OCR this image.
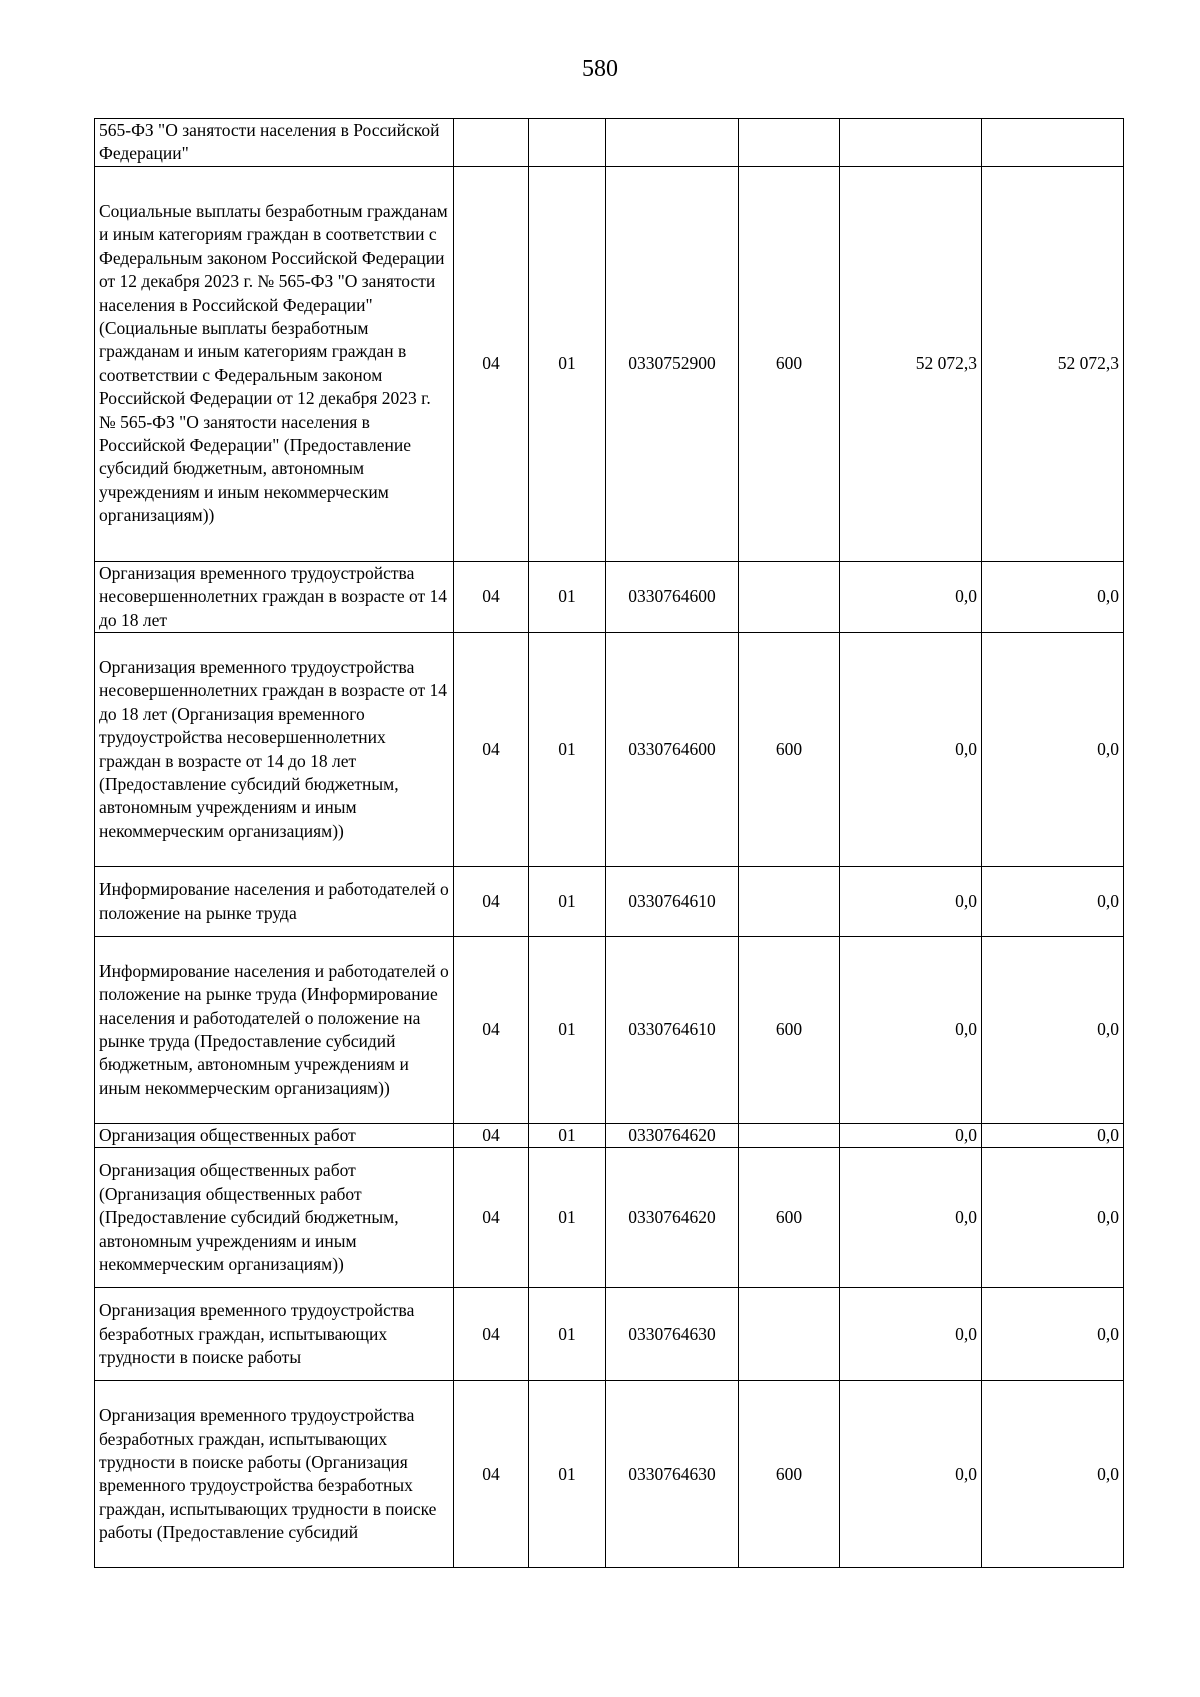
580
565-ФЗ "О занятости населения в Российской Федерации"						
Социальные выплаты безработным гражданам и иным категориям граждан в соответствии с Федеральным законом Российской Федерации от 12 декабря 2023 г. № 565-ФЗ "О занятости населения в Российской Федерации" (Социальные выплаты безработным гражданам и иным категориям граждан в соответствии с Федеральным законом Российской Федерации от 12 декабря 2023 г. № 565-ФЗ "О занятости населения в Российской Федерации" (Предоставление субсидий бюджетным, автономным учреждениям и иным некоммерческим организациям))	04	01	0330752900	600	52 072,3	52 072,3
Организация временного трудоустройства несовершеннолетних граждан в возрасте от 14 до 18 лет	04	01	0330764600		0,0	0,0
Организация временного трудоустройства несовершеннолетних граждан в возрасте от 14 до 18 лет (Организация временного трудоустройства несовершеннолетних граждан в возрасте от 14 до 18 лет (Предоставление субсидий бюджетным, автономным учреждениям и иным некоммерческим организациям))	04	01	0330764600	600	0,0	0,0
Информирование населения и работодателей о положение на рынке труда	04	01	0330764610		0,0	0,0
Информирование населения и работодателей о положение на рынке труда (Информирование населения и работодателей о положение на рынке труда (Предоставление субсидий бюджетным, автономным учреждениям и иным некоммерческим организациям))	04	01	0330764610	600	0,0	0,0
Организация общественных работ	04	01	0330764620		0,0	0,0
Организация общественных работ (Организация общественных работ (Предоставление субсидий бюджетным, автономным учреждениям и иным некоммерческим организациям))	04	01	0330764620	600	0,0	0,0
Организация временного трудоустройства безработных граждан, испытывающих трудности в поиске работы	04	01	0330764630		0,0	0,0
Организация временного трудоустройства безработных граждан, испытывающих трудности в поиске работы (Организация временного трудоустройства безработных граждан, испытывающих трудности в поиске работы (Предоставление субсидий	04	01	0330764630	600	0,0	0,0
